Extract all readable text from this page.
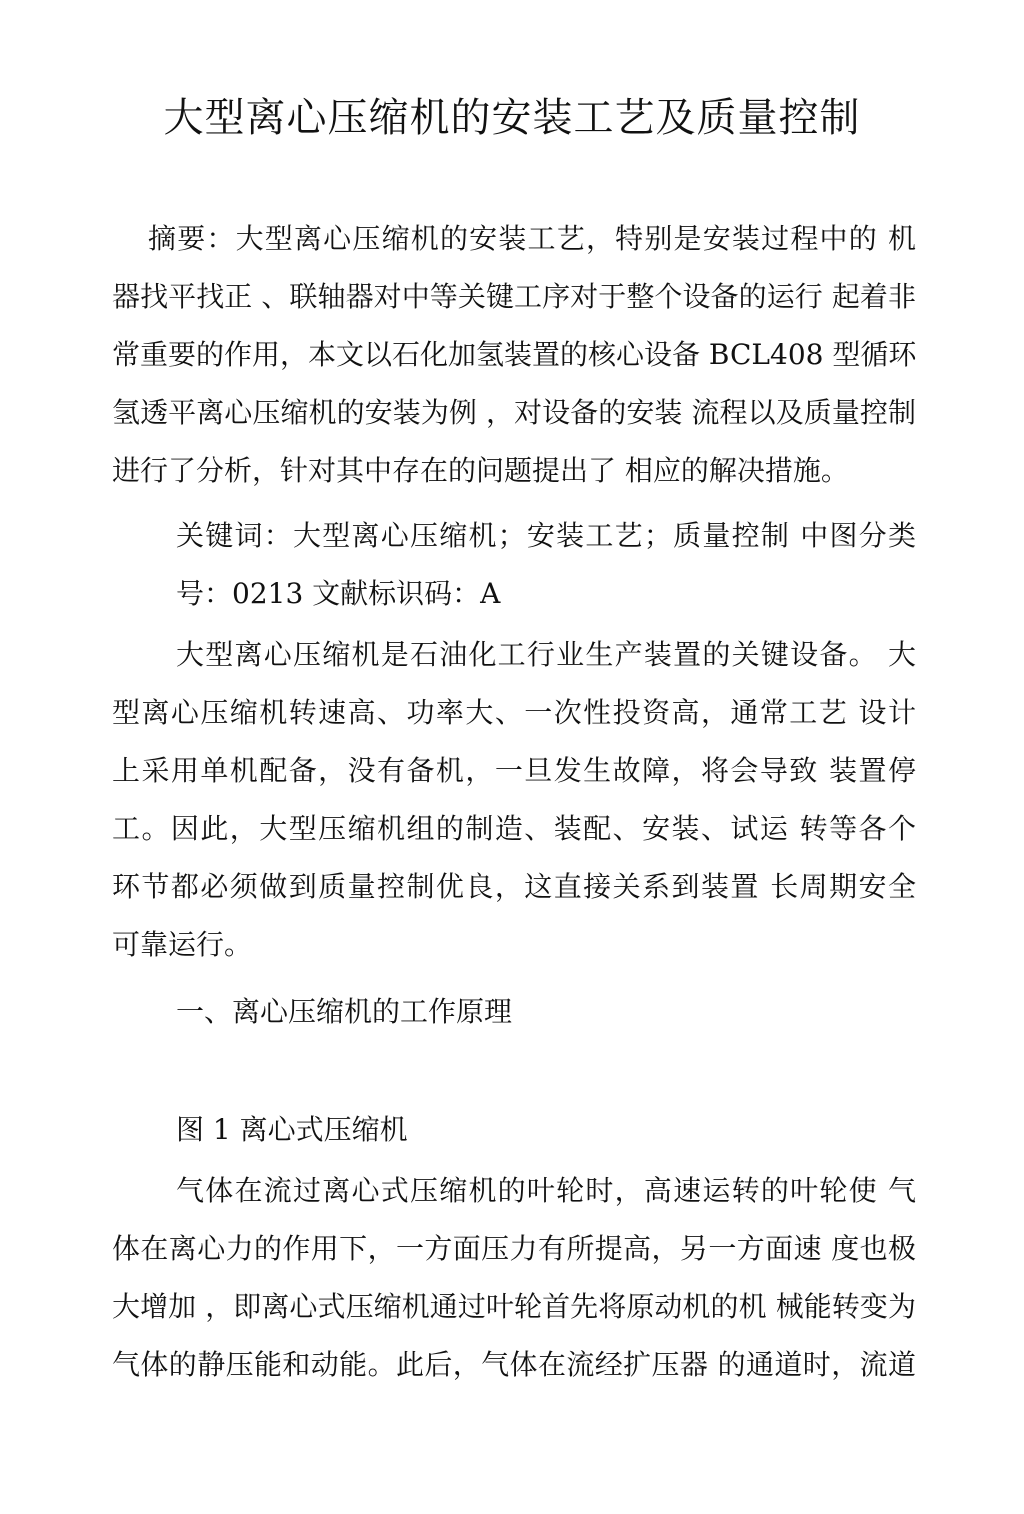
大型离心压缩机的安装工艺及质量控制
摘要：大型离心压缩机的安装工艺，特别是安装过程中的 机
器找平找正 、联轴器对中等关键工序对于整个设备的运行 起着非
常重要的作用，本文以石化加氢装置的核心设备 BCL408 型循环
氢透平离心压缩机的安装为例 ，对设备的安装 流程以及质量控制
进行了分析，针对其中存在的问题提出了 相应的解决措施。
关键词：大型离心压缩机；安装工艺；质量控制 中图分类
号：0213 文献标识码：A
大型离心压缩机是石油化工行业生产装置的关键设备。 大
型离心压缩机转速高、功率大、一次性投资高，通常工艺 设计
上采用单机配备，没有备机，一旦发生故障，将会导致 装置停
工。因此，大型压缩机组的制造、装配、安装、试运 转等各个
环节都必须做到质量控制优良，这直接关系到装置 长周期安全
可靠运行。
一、离心压缩机的工作原理
图 1 离心式压缩机
气体在流过离心式压缩机的叶轮时，高速运转的叶轮使 气
体在离心力的作用下，一方面压力有所提高，另一方面速 度也极
大增加 ，即离心式压缩机通过叶轮首先将原动机的机 械能转变为
气体的静压能和动能。此后，气体在流经扩压器 的通道时，流道
